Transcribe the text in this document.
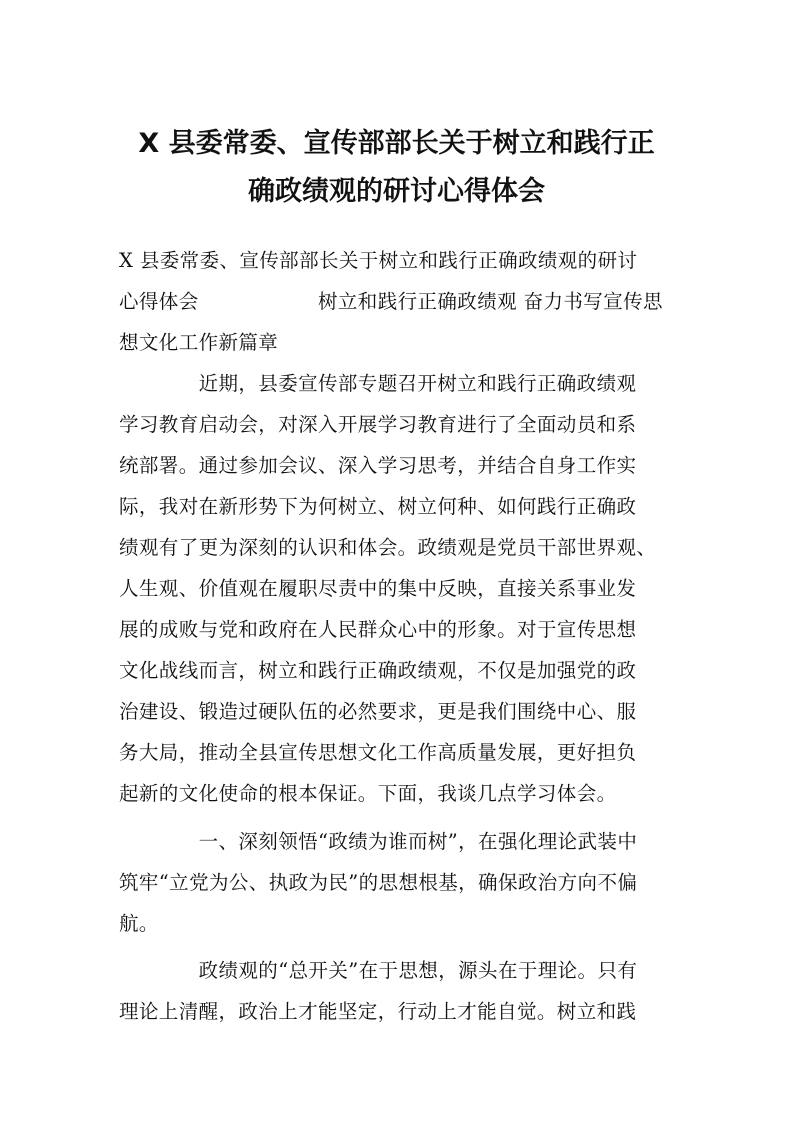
X 县委常委、宣传部部长关于树立和践行正
确政绩观的研讨心得体会
X 县委常委、宣传部部长关于树立和践行正确政绩观的研讨
心得体会　　　　　　树立和践行正确政绩观 奋力书写宣传思
想文化工作新篇章
　　　　近期，县委宣传部专题召开树立和践行正确政绩观
学习教育启动会，对深入开展学习教育进行了全面动员和系
统部署。通过参加会议、深入学习思考，并结合自身工作实
际，我对在新形势下为何树立、树立何种、如何践行正确政
绩观有了更为深刻的认识和体会。政绩观是党员干部世界观、
人生观、价值观在履职尽责中的集中反映，直接关系事业发
展的成败与党和政府在人民群众心中的形象。对于宣传思想
文化战线而言，树立和践行正确政绩观，不仅是加强党的政
治建设、锻造过硬队伍的必然要求，更是我们围绕中心、服
务大局，推动全县宣传思想文化工作高质量发展，更好担负
起新的文化使命的根本保证。下面，我谈几点学习体会。
　　　　一、深刻领悟“政绩为谁而树”，在强化理论武装中
筑牢“立党为公、执政为民”的思想根基，确保政治方向不偏
航。
　　　　政绩观的“总开关”在于思想，源头在于理论。只有
理论上清醒，政治上才能坚定，行动上才能自觉。树立和践
